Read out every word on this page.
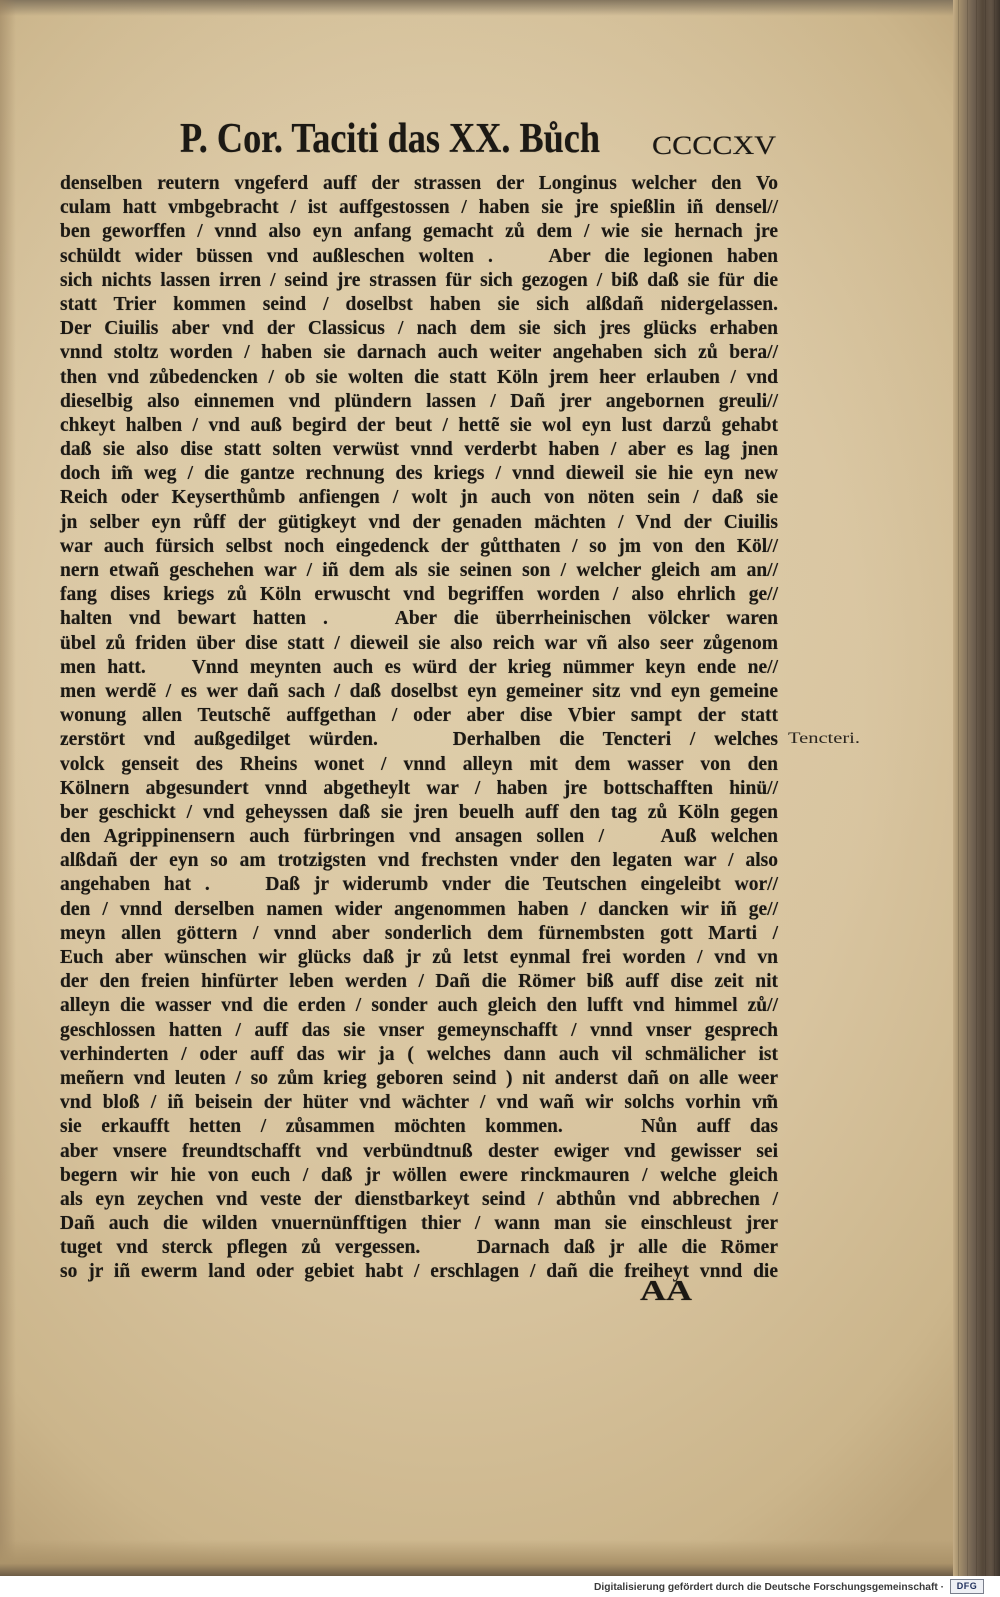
P. Cor. Taciti das XX. Bůch CCCCXV
denselben reutern vngeferd auff der strassen der Longinus welcher den Vo
culam hatt vmbgebracht / ist auffgestossen / haben sie jre spießlin iñ densel//
ben geworffen / vnnd also eyn anfang gemacht zů dem / wie sie hernach jre
schüldt wider büssen vnd außleschen wolten .    Aber die legionen haben
sich nichts lassen irren / seind jre strassen für sich gezogen / biß daß sie für die
statt Trier kommen seind / doselbst haben sie sich alßdañ nidergelassen.
Der Ciuilis aber vnd der Classicus / nach dem sie sich jres glücks erhaben
vnnd stoltz worden / haben sie darnach auch weiter angehaben sich zů bera//
then vnd zůbedencken / ob sie wolten die statt Köln jrem heer erlauben / vnd
dieselbig also einnemen vnd plündern lassen / Dañ jrer angebornen greuli//
chkeyt halben / vnd auß begird der beut / hettẽ sie wol eyn lust darzů gehabt
daß sie also dise statt solten verwüst vnnd verderbt haben / aber es lag jnen
doch im̃ weg / die gantze rechnung des kriegs / vnnd dieweil sie hie eyn new
Reich oder Keyserthůmb anfiengen / wolt jn auch von nöten sein / daß sie
jn selber eyn růff der gütigkeyt vnd der genaden mächten / Vnd der Ciuilis
war auch fürsich selbst noch eingedenck der gůtthaten / so jm von den Köl//
nern etwañ geschehen war / iñ dem als sie seinen son / welcher gleich am an//
fang dises kriegs zů Köln erwuscht vnd begriffen worden / also ehrlich ge//
halten vnd bewart hatten .    Aber die überrheinischen völcker waren
übel zů friden über dise statt / dieweil sie also reich war vñ also seer zůgenom
men hatt.    Vnnd meynten auch es würd der krieg nümmer keyn ende ne//
men werdẽ / es wer dañ sach / daß doselbst eyn gemeiner sitz vnd eyn gemeine
wonung allen Teutschẽ auffgethan / oder aber dise Vbier sampt der statt
zerstört vnd außgedilget würden.    Derhalben die Tencteri / welches
volck genseit des Rheins wonet / vnnd alleyn mit dem wasser von den
Kölnern abgesundert vnnd abgetheylt war / haben jre bottschafften hinü//
ber geschickt / vnd geheyssen daß sie jren beuelh auff den tag zů Köln gegen
den Agrippinensern auch fürbringen vnd ansagen sollen /    Auß welchen
alßdañ der eyn so am trotzigsten vnd frechsten vnder den legaten war / also
angehaben hat .    Daß jr widerumb vnder die Teutschen eingeleibt wor//
den / vnnd derselben namen wider angenommen haben / dancken wir iñ ge//
meyn allen göttern / vnnd aber sonderlich dem fürnembsten gott Marti /
Euch aber wünschen wir glücks daß jr zů letst eynmal frei worden / vnd vn
der den freien hinfürter leben werden / Dañ die Römer biß auff dise zeit nit
alleyn die wasser vnd die erden / sonder auch gleich den lufft vnd himmel zů//
geschlossen hatten / auff das sie vnser gemeynschafft / vnnd vnser gesprech
verhinderten / oder auff das wir ja ( welches dann auch vil schmälicher ist
meñern vnd leuten / so zům krieg geboren seind ) nit anderst dañ on alle weer
vnd bloß / iñ beisein der hüter vnd wächter / vnd wañ wir solchs vorhin vm̃
sie erkaufft hetten / zůsammen möchten kommen.    Nůn auff das
aber vnsere freundtschafft vnd verbündtnuß dester ewiger vnd gewisser sei
begern wir hie von euch / daß jr wöllen ewere rinckmauren / welche gleich
als eyn zeychen vnd veste der dienstbarkeyt seind / abthůn vnd abbrechen /
Dañ auch die wilden vnuernünfftigen thier / wann man sie einschleust jrer
tuget vnd sterck pflegen zů vergessen.    Darnach daß jr alle die Römer
so jr iñ ewerm land oder gebiet habt / erschlagen / dañ die freiheyt vnnd die
Tencteri.
AA
Digitalisierung gefördert durch die Deutsche Forschungsgemeinschaft ·	DFG
